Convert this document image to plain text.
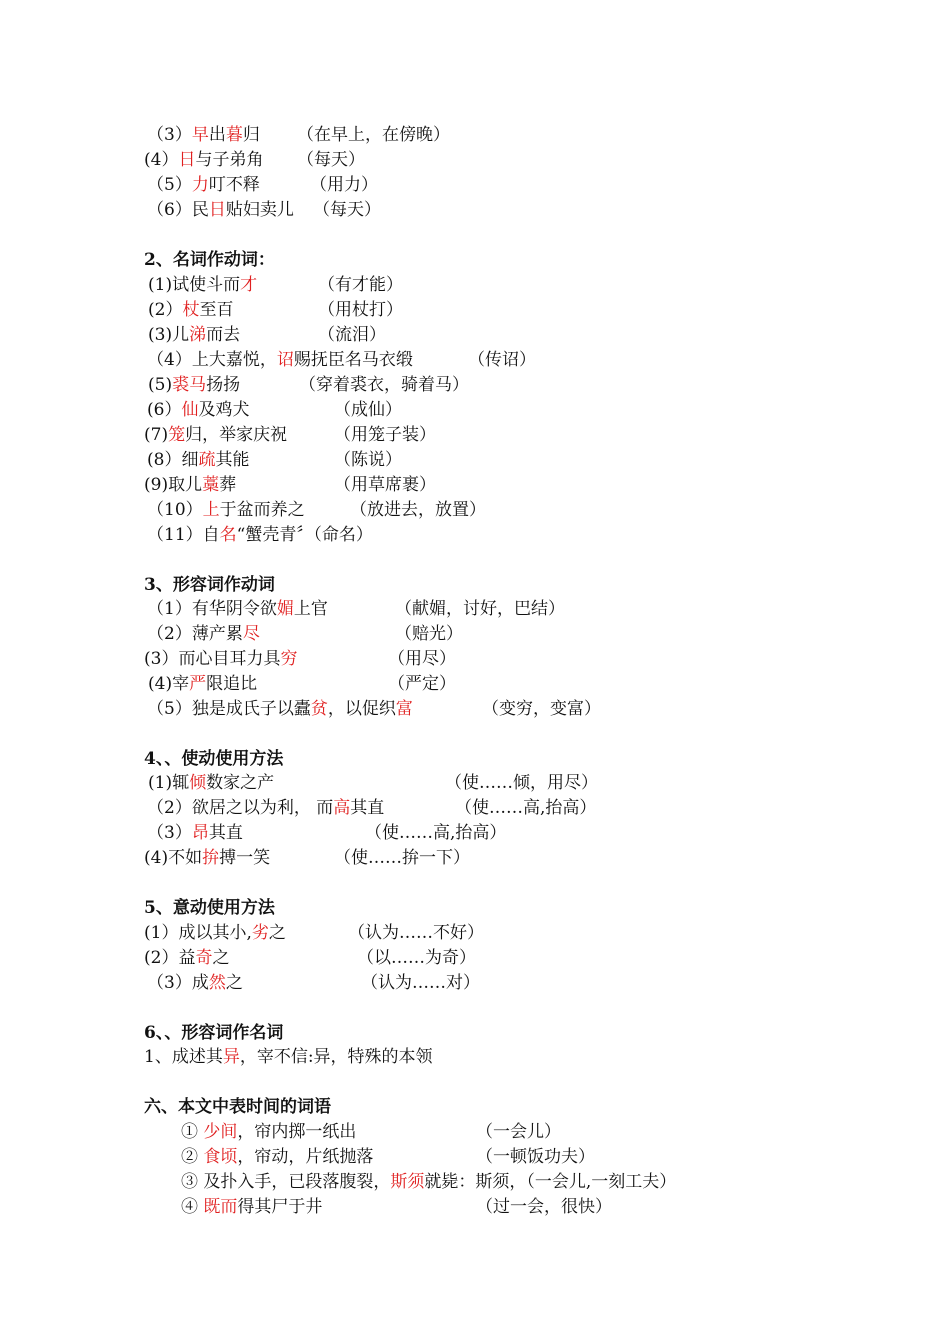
（3）早出暮归 （在早上，在傍晚）
(4）日与子弟角 （每天）
（5）力叮不释	（用力）
（6）民日贴妇卖儿 （每天）
2、名词作动词：
(1)试使斗而才	（有才能）
(2）杖至百	（用杖打）
(3)儿涕而去	（流泪）
（4）上大嘉悦，诏赐抚臣名马衣缎	（传诏）
(5)裘马扬扬	（穿着裘衣，骑着马）
(6）仙及鸡犬	（成仙）
(7)笼归，举家庆祝	（用笼子装）
(8）细疏其能	（陈说）
(9)取儿藁葬	（用草席裹）
（10）上于盆而养之	（放进去，放置）
（11）自名“蟹壳青〞（命名）
3、形容词作动词
（1）有华阴令欲媚上官	（献媚，讨好，巴结）
（2）薄产累尽	（赔光）
(3）而心目耳力具穷	（用尽）
(4)宰严限追比	（严定）
（5）独是成氏子以蠹贫，以促织富	（变穷，变富）
4、、使动使用方法
(1)辄倾数家之产	（使……倾，用尽）
（2）欲居之以为利， 而高其直	（使……高,抬高）
（3）昂其直	（使……高,抬高）
(4)不如拚搏一笑	（使……拚一下）
5、意动使用方法
(1）成以其小,劣之	（认为……不好）
(2）益奇之	（以……为奇）
（3）成然之	（认为……对）
6、、形容词作名词
1、成述其异，宰不信:异，特殊的本领
六、本文中表时间的词语
① 少间，帘内掷一纸出	（一会儿）
② 食顷，帘动，片纸抛落	（一顿饭功夫）
③ 及扑入手，已段落腹裂，斯须就毙：斯须，（一会儿,一刻工夫）
④ 既而得其尸于井	（过一会，很快）
